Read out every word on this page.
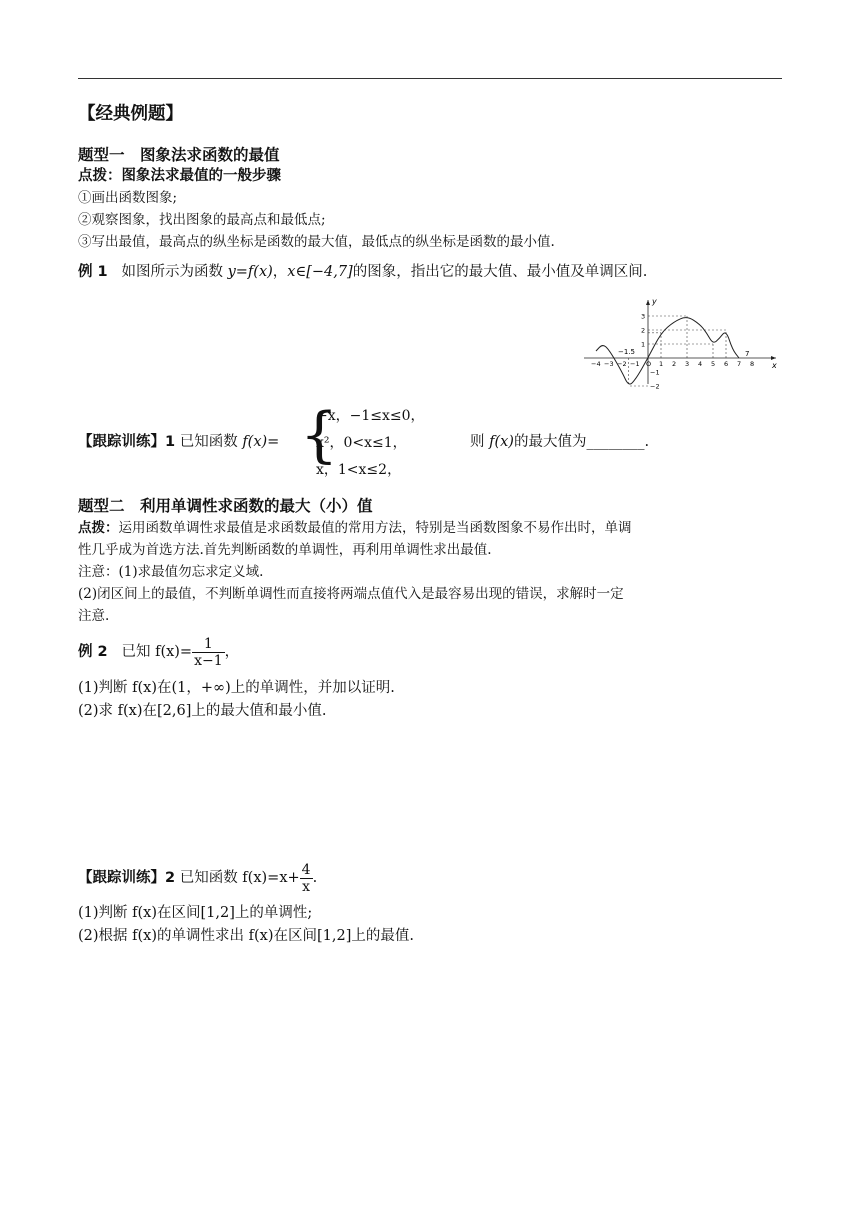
【经典例题】
题型一　图象法求函数的最值
点拨：图象法求最值的一般步骤
①画出函数图象;
②观察图象，找出图象的最高点和最低点;
③写出最值，最高点的纵坐标是函数的最大值，最低点的纵坐标是函数的最小值.
例 1 如图所示为函数 y=f(x)，x∈[−4,7]的图象，指出它的最大值、最小值及单调区间.
x
y
−4 −3 −2 −1 O 1 2 3 4 5 6 7 8
3
2
1
−1
−2
−1.5	7
【跟踪训练】1 已知函数 f(x)= {
−x，−1≤x≤0，
x²，0<x≤1，
x，1<x≤2，
则 f(x)的最大值为________.
题型二　利用单调性求函数的最大（小）值
点拨：运用函数单调性求最值是求函数最值的常用方法，特别是当函数图象不易作出时，单调
性几乎成为首选方法.首先判断函数的单调性，再利用单调性求出最值.
注意：(1)求最值勿忘求定义域.
(2)闭区间上的最值，不判断单调性而直接将两端点值代入是最容易出现的错误，求解时一定
注意.
例 2 已知 $f(x)= \frac{1}{x-1}$ ，
(1)判断 f(x)在(1，+∞)上的单调性，并加以证明.
(2)求 f(x)在[2,6]上的最大值和最小值.
【跟踪训练】2 已知函数 $f(x)=x+ \frac{4}{x}$ .
(1)判断 f(x)在区间[1,2]上的单调性;
(2)根据 f(x)的单调性求出 f(x)在区间[1,2]上的最值.
